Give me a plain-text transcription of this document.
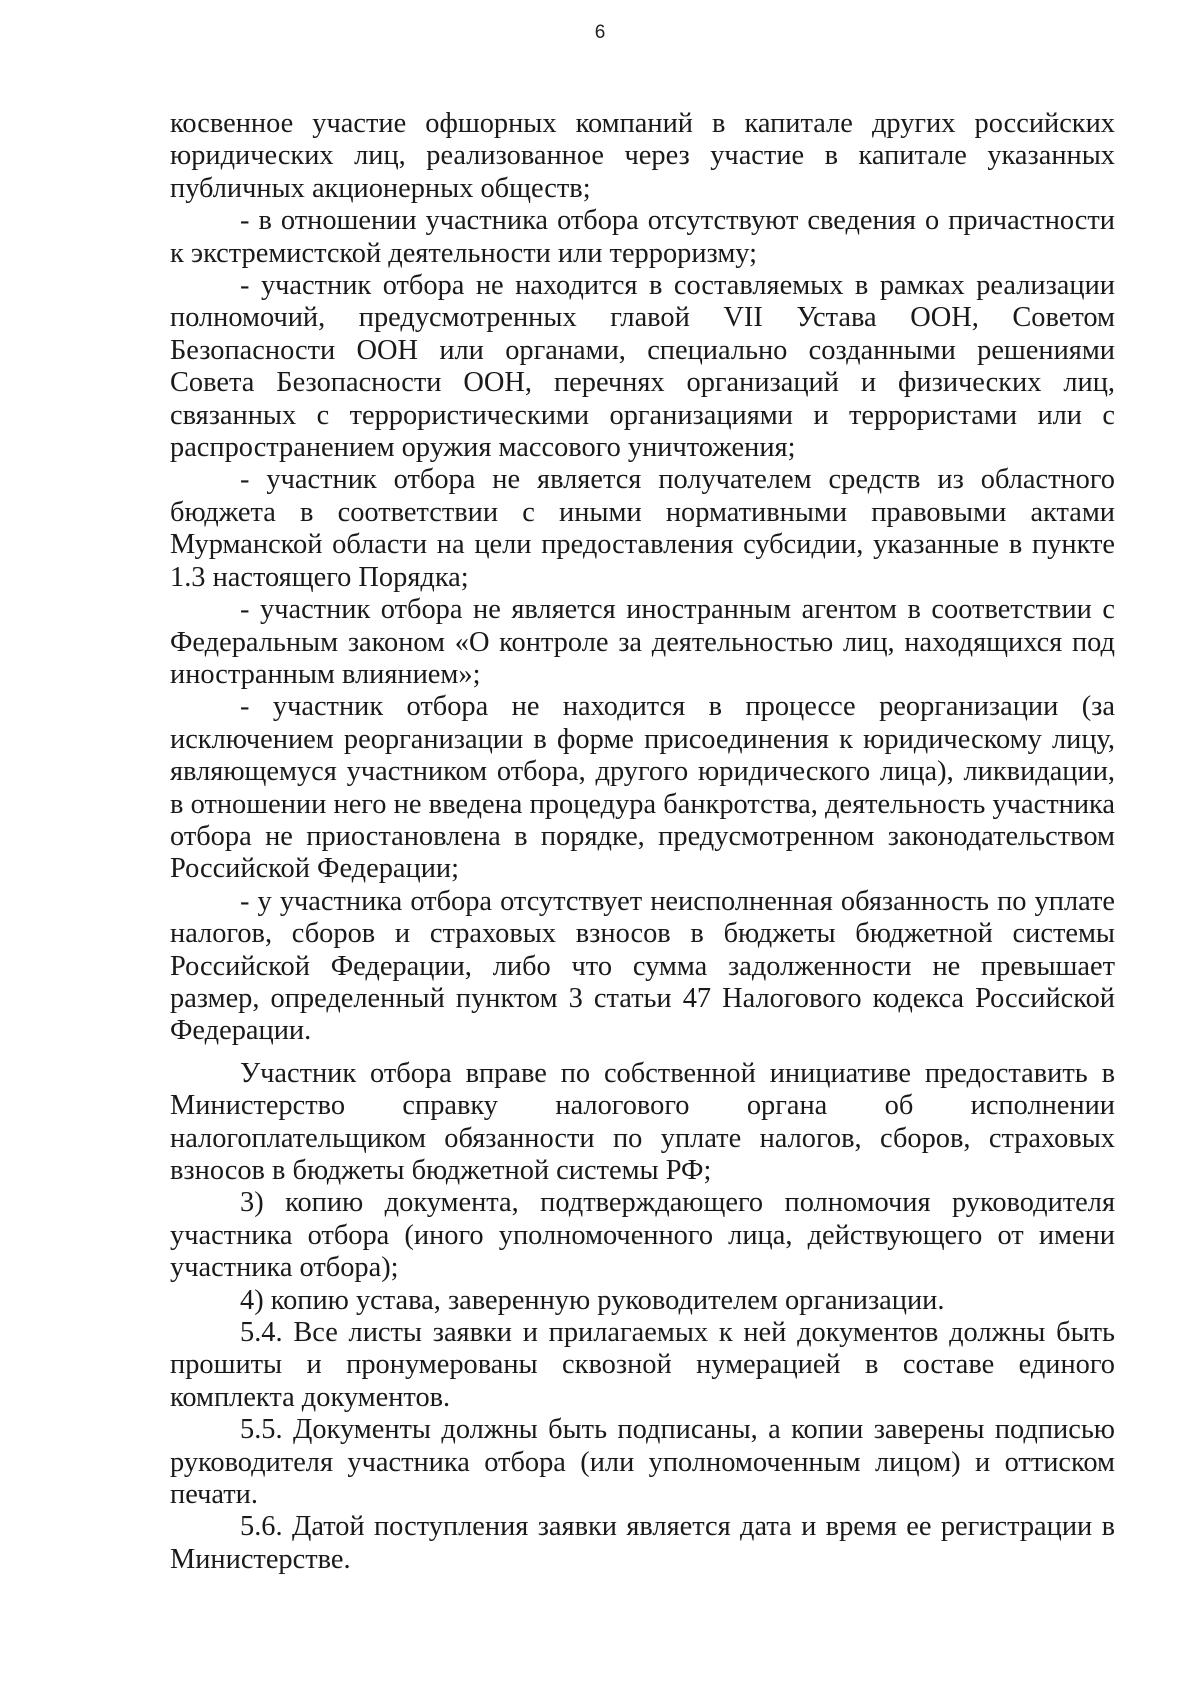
6

косвенное участие офшорных компаний в капитале других российских юридических лиц, реализованное через участие в капитале указанных публичных акционерных обществ;

- в отношении участника отбора отсутствуют сведения о причастности к экстремистской деятельности или терроризму;

- участник отбора не находится в составляемых в рамках реализации полномочий, предусмотренных главой VII Устава ООН, Советом Безопасности ООН или органами, специально созданными решениями Совета Безопасности ООН, перечнях организаций и физических лиц, связанных с террористическими организациями и террористами или с распространением оружия массового уничтожения;

- участник отбора не является получателем средств из областного бюджета в соответствии с иными нормативными правовыми актами Мурманской области на цели предоставления субсидии, указанные в пункте 1.3 настоящего Порядка;

- участник отбора не является иностранным агентом в соответствии с Федеральным законом «О контроле за деятельностью лиц, находящихся под иностранным влиянием»;

- участник отбора не находится в процессе реорганизации (за исключением реорганизации в форме присоединения к юридическому лицу, являющемуся участником отбора, другого юридического лица), ликвидации, в отношении него не введена процедура банкротства, деятельность участника отбора не приостановлена в порядке, предусмотренном законодательством Российской Федерации;

- у участника отбора отсутствует неисполненная обязанность по уплате налогов, сборов и страховых взносов в бюджеты бюджетной системы Российской Федерации, либо что сумма задолженности не превышает размер, определенный пунктом 3 статьи 47 Налогового кодекса Российской Федерации.

Участник отбора вправе по собственной инициативе предоставить в Министерство справку налогового органа об исполнении налогоплательщиком обязанности по уплате налогов, сборов, страховых взносов в бюджеты бюджетной системы РФ;

3) копию документа, подтверждающего полномочия руководителя участника отбора (иного уполномоченного лица, действующего от имени участника отбора);

4) копию устава, заверенную руководителем организации.

5.4. Все листы заявки и прилагаемых к ней документов должны быть прошиты и пронумерованы сквозной нумерацией в составе единого комплекта документов.

5.5. Документы должны быть подписаны, а копии заверены подписью руководителя участника отбора (или уполномоченным лицом) и оттиском печати.

5.6. Датой поступления заявки является дата и время ее регистрации в Министерстве.
